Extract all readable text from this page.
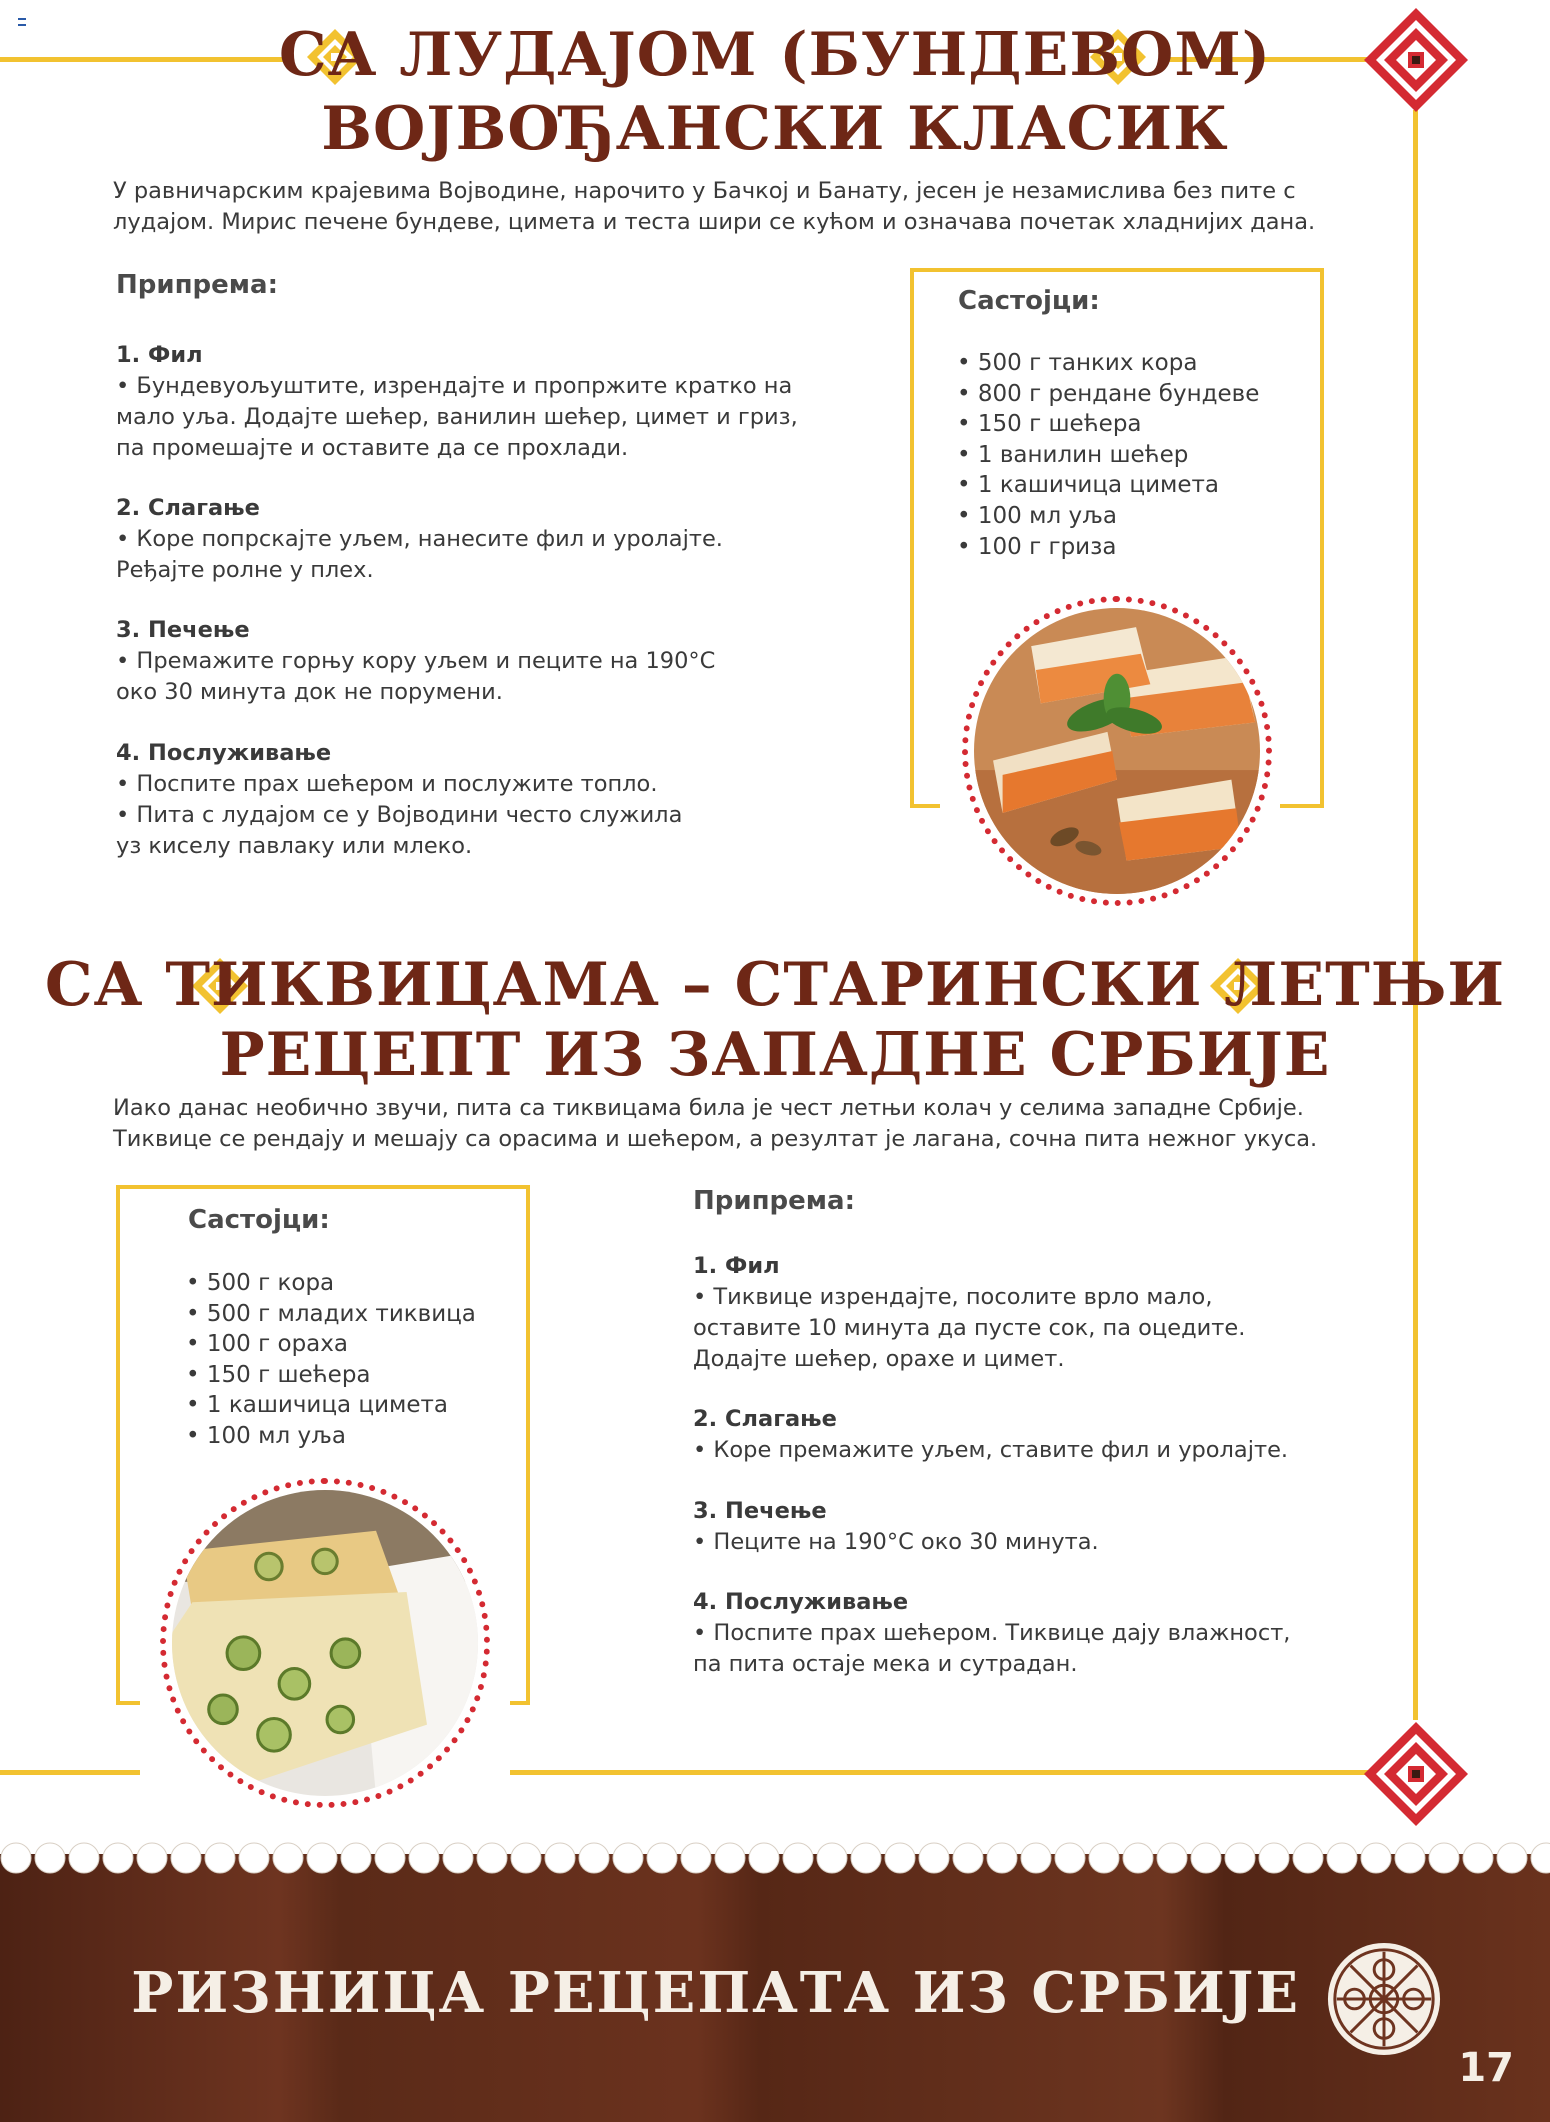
СА ЛУДАЈОМ (БУНДЕВОМ)
ВОЈВОЂАНСКИ КЛАСИК
У равничарским крајевима Војводине, нарочито у Бачкој и Банату, јесен је незамислива без пите с
лудајом. Мирис печене бундеве, цимета и теста шири се кућом и означава почетак хладнијих дана.
Припрема:
1. Фил
• Бундевуољуштите, изрендајте и пропржите кратко на
мало уља. Додајте шећер, ванилин шећер, цимет и гриз,
па промешајте и оставите да се прохлади.
2. Слагање
• Коре попрскајте уљем, нанесите фил и уролајте.
Ређајте ролне у плех.
3. Печење
• Премажите горњу кору уљем и пеците на 190°C
око 30 минута док не порумени.
4. Послуживање
• Поспите прах шећером и послужите топло.
• Пита с лудајом се у Војводини често служила
уз киселу павлаку или млеко.
Састојци:
• 500 г танких кора
• 800 г рендане бундеве
• 150 г шећера
• 1 ванилин шећер
• 1 кашичица цимета
• 100 мл уља
• 100 г гриза
СА ТИКВИЦАМА – СТАРИНСКИ ЛЕТЊИ
РЕЦЕПТ ИЗ ЗАПАДНЕ СРБИЈЕ
Иако данас необично звучи, пита са тиквицама била је чест летњи колач у селима западне Србије.
Тиквице се рендају и мешају са орасима и шећером, а резултат је лагана, сочна пита нежног укуса.
Састојци:
• 500 г кора
• 500 г младих тиквица
• 100 г ораха
• 150 г шећера
• 1 кашичица цимета
• 100 мл уља
Припрема:
1. Фил
• Тиквице изрендајте, посолите врло мало,
оставите 10 минута да пусте сок, па оцедите.
Додајте шећер, орахе и цимет.
2. Слагање
• Коре премажите уљем, ставите фил и уролајте.
3. Печење
• Пеците на 190°C око 30 минута.
4. Послуживање
• Поспите прах шећером. Тиквице дају влажност,
па пита остаје мека и сутрадан.
РИЗНИЦА РЕЦЕПАТА ИЗ СРБИЈЕ
17
